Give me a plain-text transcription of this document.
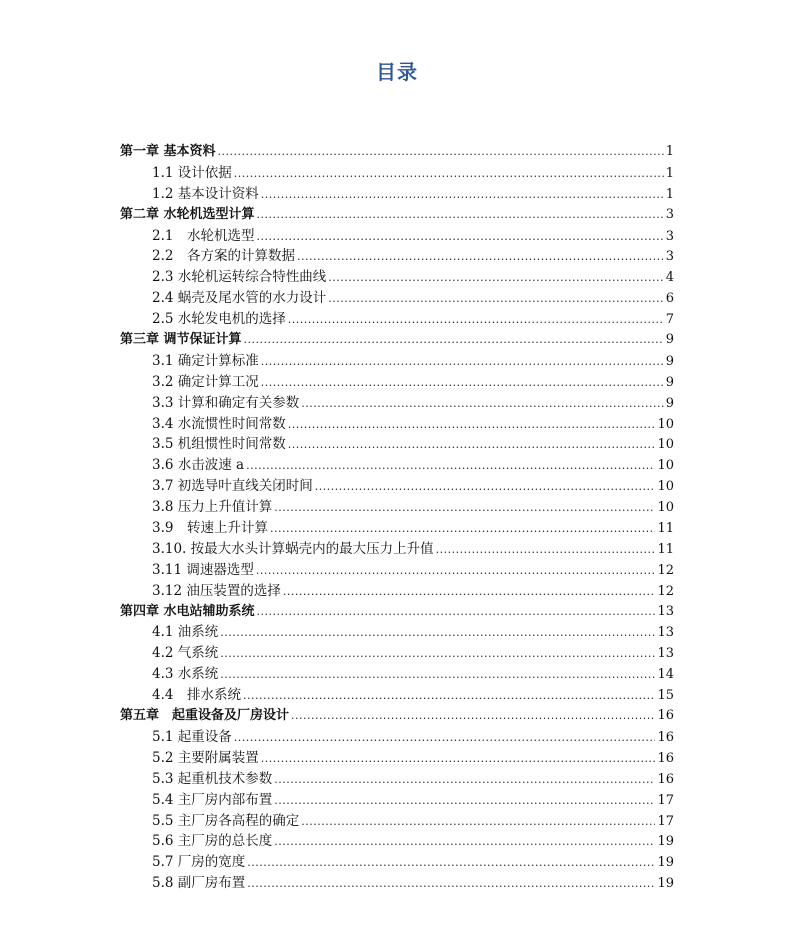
目录
第一章 基本资料 .....	1
1.1 设计依据 .....	1
1.2 基本设计资料 .....	1
第二章 水轮机选型计算 .....	3
2.1　水轮机选型 .....	3
2.2　各方案的计算数据 .....	3
2.3 水轮机运转综合特性曲线 .....	4
2.4 蜗壳及尾水管的水力设计 .....	6
2.5 水轮发电机的选择 .....	7
第三章 调节保证计算 .....	9
3.1 确定计算标准 .....	9
3.2 确定计算工况 .....	9
3.3 计算和确定有关参数 .....	9
3.4 水流惯性时间常数 .....	10
3.5 机组惯性时间常数 .....	10
3.6 水击波速 a .....	10
3.7 初选导叶直线关闭时间 .....	10
3.8 压力上升值计算 .....	10
3.9　转速上升计算 .....	11
3.10. 按最大水头计算蜗壳内的最大压力上升值 .....	11
3.11 调速器选型 .....	12
3.12 油压装置的选择 .....	12
第四章 水电站辅助系统 .....	13
4.1 油系统 .....	13
4.2 气系统 .....	13
4.3 水系统 .....	14
4.4　排水系统 .....	15
第五章　起重设备及厂房设计 .....	16
5.1 起重设备 .....	16
5.2 主要附属装置 .....	16
5.3 起重机技术参数 .....	16
5.4 主厂房内部布置 .....	17
5.5 主厂房各高程的确定 .....	17
5.6 主厂房的总长度 .....	19
5.7 厂房的宽度 .....	19
5.8 副厂房布置 .....	19
